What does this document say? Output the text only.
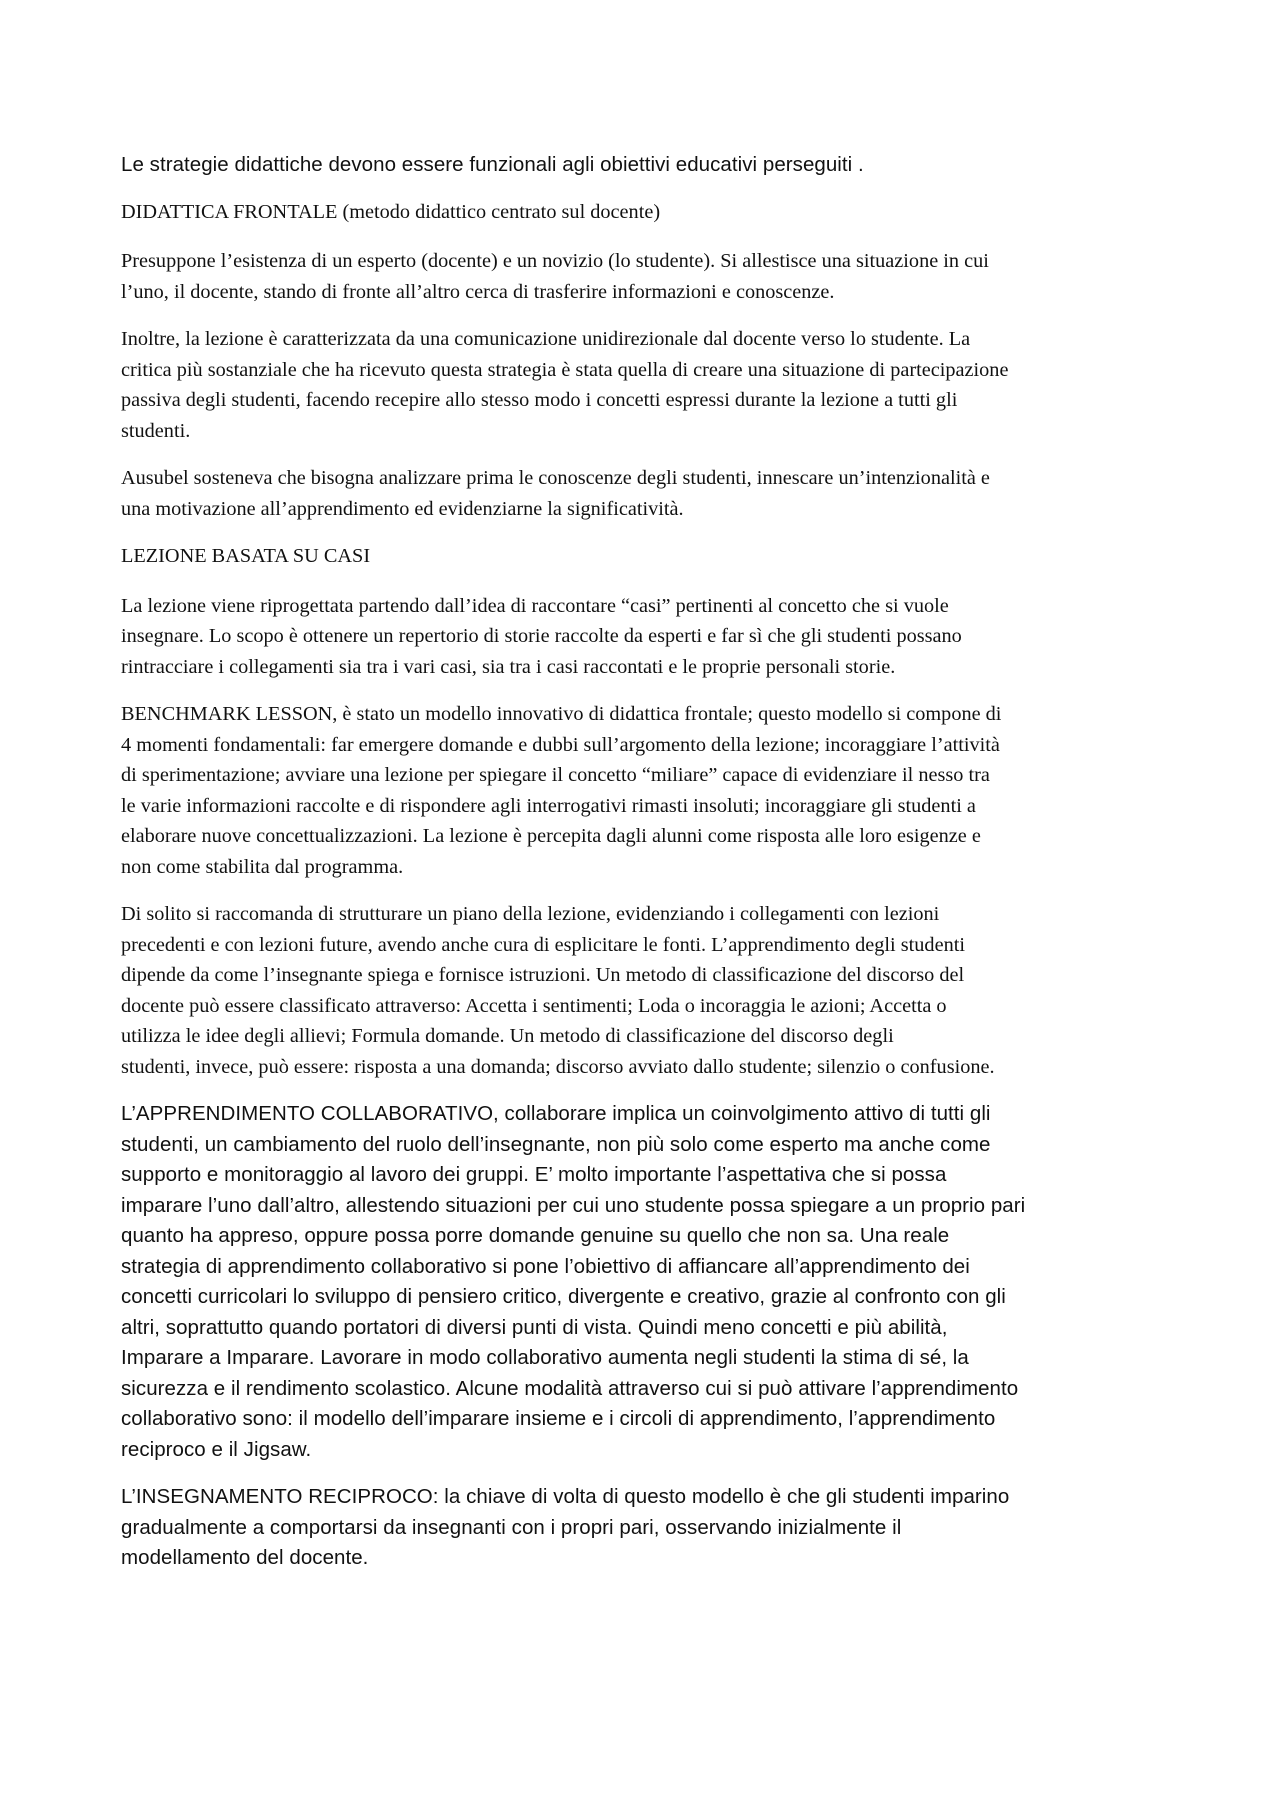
Le strategie didattiche devono essere funzionali agli obiettivi educativi perseguiti .

DIDATTICA FRONTALE (metodo didattico centrato sul docente)

Presuppone l’esistenza di un esperto (docente) e un novizio (lo studente). Si allestisce una situazione in cui
l’uno, il docente, stando di fronte all’altro cerca di trasferire informazioni e conoscenze.

Inoltre, la lezione è caratterizzata da una comunicazione unidirezionale dal docente verso lo studente. La
critica più sostanziale che ha ricevuto questa strategia è stata quella di creare una situazione di partecipazione
passiva degli studenti, facendo recepire allo stesso modo i concetti espressi durante la lezione a tutti gli
studenti.

Ausubel sosteneva che bisogna analizzare prima le conoscenze degli studenti, innescare un’intenzionalità e
una motivazione all’apprendimento ed evidenziarne la significatività.

LEZIONE BASATA SU CASI

La lezione viene riprogettata partendo dall’idea di raccontare “casi” pertinenti al concetto che si vuole
insegnare. Lo scopo è ottenere un repertorio di storie raccolte da esperti e far sì che gli studenti possano
rintracciare i collegamenti sia tra i vari casi, sia tra i casi raccontati e le proprie personali storie.

BENCHMARK LESSON, è stato un modello innovativo di didattica frontale; questo modello si compone di
4 momenti fondamentali: far emergere domande e dubbi sull’argomento della lezione; incoraggiare l’attività
di sperimentazione; avviare una lezione per spiegare il concetto “miliare” capace di evidenziare il nesso tra
le varie informazioni raccolte e di rispondere agli interrogativi rimasti insoluti; incoraggiare gli studenti a
elaborare nuove concettualizzazioni. La lezione è percepita dagli alunni come risposta alle loro esigenze e
non come stabilita dal programma.

Di solito si raccomanda di strutturare un piano della lezione, evidenziando i collegamenti con lezioni
precedenti e con lezioni future, avendo anche cura di esplicitare le fonti. L’apprendimento degli studenti
dipende da come l’insegnante spiega e fornisce istruzioni. Un metodo di classificazione del discorso del
docente può essere classificato attraverso: Accetta i sentimenti; Loda o incoraggia le azioni; Accetta o
utilizza le idee degli allievi; Formula domande. Un metodo di classificazione del discorso degli
studenti, invece, può essere: risposta a una domanda; discorso avviato dallo studente; silenzio o confusione.

L’APPRENDIMENTO COLLABORATIVO, collaborare implica un coinvolgimento attivo di tutti gli
studenti, un cambiamento del ruolo dell’insegnante, non più solo come esperto ma anche come
supporto e monitoraggio al lavoro dei gruppi. E’ molto importante l’aspettativa che si possa
imparare l’uno dall’altro, allestendo situazioni per cui uno studente possa spiegare a un proprio pari
quanto ha appreso, oppure possa porre domande genuine su quello che non sa. Una reale
strategia di apprendimento collaborativo si pone l’obiettivo di affiancare all’apprendimento dei
concetti curricolari lo sviluppo di pensiero critico, divergente e creativo, grazie al confronto con gli
altri, soprattutto quando portatori di diversi punti di vista. Quindi meno concetti e più abilità,
Imparare a Imparare. Lavorare in modo collaborativo aumenta negli studenti la stima di sé, la
sicurezza e il rendimento scolastico. Alcune modalità attraverso cui si può attivare l’apprendimento
collaborativo sono: il modello dell’imparare insieme e i circoli di apprendimento, l’apprendimento
reciproco e il Jigsaw.

L’INSEGNAMENTO RECIPROCO: la chiave di volta di questo modello è che gli studenti imparino
gradualmente a comportarsi da insegnanti con i propri pari, osservando inizialmente il
modellamento del docente.
